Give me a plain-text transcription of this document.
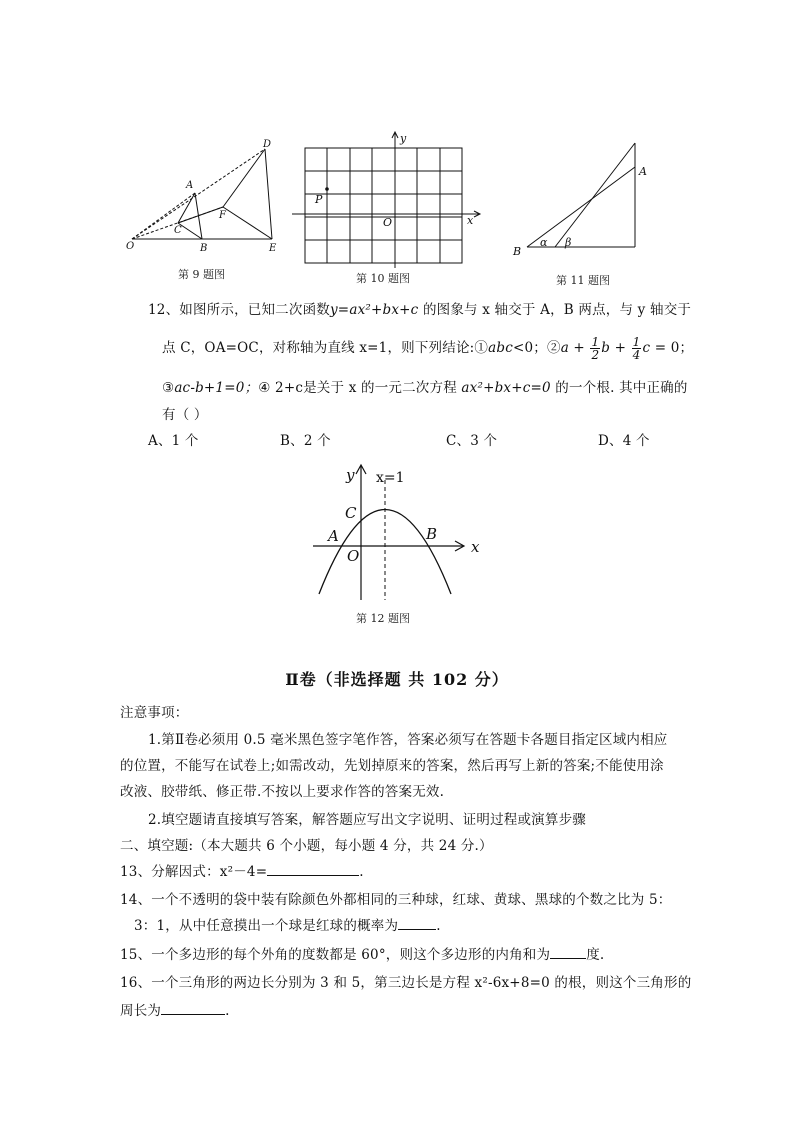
D
A
F
C
O	B	E
第 9 题图
y
x
P
O
第 10 题图
A
B
α β
第 11 题图
12、如图所示，已知二次函数y=ax²+bx+c 的图象与 x 轴交于 A，B 两点，与 y 轴交于
点 C，OA=OC，对称轴为直线 x=1，则下列结论:①abc<0；②a + $\frac{1}{2}$ $b + \frac{1}{4}$ c = 0；
③ac-b+1=0；④ 2+c是关于 x 的一元二次方程 ax²+bx+c=0 的一个根. 其中正确的
有（ ）
A、1 个	B、2 个	C、3 个	D、4 个
y x=1
C
A	B
O	x
第 12 题图
Ⅱ卷（非选择题 共 102 分）
注意事项：
1.第Ⅱ卷必须用 0.5 毫米黑色签字笔作答，答案必须写在答题卡各题目指定区域内相应
的位置，不能写在试卷上;如需改动，先划掉原来的答案，然后再写上新的答案;不能使用涂
改液、胶带纸、修正带.不按以上要求作答的答案无效.
2.填空题请直接填写答案，解答题应写出文字说明、证明过程或演算步骤
二、填空题:（本大题共 6 个小题，每小题 4 分，共 24 分.）
13、分解因式：x²－4=	.
14、一个不透明的袋中装有除颜色外都相同的三种球，红球、黄球、黑球的个数之比为 5：
3：1，从中任意摸出一个球是红球的概率为	.
15、一个多边形的每个外角的度数都是 60°，则这个多边形的内角和为	度.
16、一个三角形的两边长分别为 3 和 5，第三边长是方程 x²-6x+8=0 的根，则这个三角形的
周长为	.
